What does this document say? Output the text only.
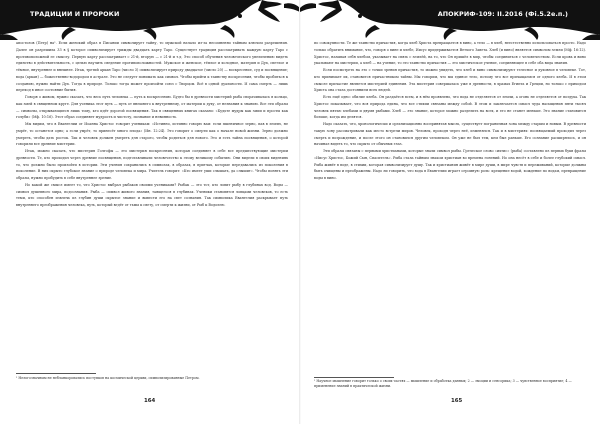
ТРАДИЦИИ И ПРОРОКИ

апостолов (Петр) на¹. Если женский образ в Писании символирует тайну, то мужской начало из-за несомненно тайным ключом разрешения. Далее он разрешила 33 в § которое символизирует трижды двадцать карту Таро. Существует традиция рассматривать каждую карту Таро с противоположной ее смыслу. Первую карту рассматривает с 21-й, вторую — с 21-й и т.д. Это способ обучения человеческого увеличению видеть единство в действительность, с целью научить сведение противоположностей. Мужское и женское, тёплое и холодное, материя и Дух, светлое и тёмное, внутреннее и внешнее. Итак, третий аркан Таро (число 3) символизирует природу двадцатое (число 20) — воскресение, суд и посвящение; вода (аркан) — божественно-водородом в астрале. Это не следует понимать как символ. Чтобы прийти к таинству воскресения, чтобы пробиться к созданию, нужно найти Дух. Тогда в природе. Только тогда может произойти союз с Творцом. Всё в одной дуальности. И сама смерть — лишь переход в иное состояние бытия.

Говоря о живом, нужно сказать, что весь путь человека — путь к воскресению. Будто бы в древности мистерий рыба сворачивалась в кольцо, как змей в священном круге. Для ученика этот путь — путь от внешнего к внутреннему, от материи к духу, от незнания к знанию. Все эти образы — символы, открывающиеся лишь тому, кто идёт дорогой посвящения. Так в священных книгах сказано: «Будьте мудры как змии и просты как голуби» (Мф. 10:16). Этот образ соединяет мудрость и чистоту, познание и невинность.

Мы видим, что в Евангелии от Иоанна Христос говорит ученикам: «Истинно, истинно говорю вам: если пшеничное зерно, пав в землю, не умрёт, то останется одно; а если умрёт, то принесёт много плода» (Ин. 12:24). Это говорит о смерти как о начале новой жизни. Зерно должно умереть, чтобы дать росток. Так и человек должен умереть для старого, чтобы родиться для нового. Это и есть тайна посвящения, о которой говорили все древние мистерии.

Итак, можно сказать, что мистерия Голгофы — это мистерия воскресения, которая соединяет в себе все предшествующие мистерии древности. Те, кто проходил через древние посвящения, подготавливали человечество к этому великому событию. Они видели в своих видениях то, что должно было произойти в истории. Эти учения сохранились в символах, в образах, в притчах, которые передавались из поколения в поколение. В них скрыто глубокое знание о природе человека и мира. Учитель говорит: «Кто имеет уши слышать, да слышит». Чтобы понять эти образы, нужно пробудить в себе внутреннее зрение.

Но какой же смысл имеет то, что Христос выбрал рыбаков своими учениками? Рыбак — это тот, кто ловит рыбу в глубинах вод. Воды — символ душевного мира, подсознания. Рыба — символ живого знания, таящегося в глубинах. Ученики становятся ловцами человеков, то есть теми, кто способен извлечь из глубин души скрытое знание и вывести его на свет сознания. Так символика Евангелия раскрывает путь внутреннего преображения человека, путь, который ведёт от тьмы к свету, от смерти к жизни, от Рыб к Водолею.

¹ Нелогозначным не небланкоровались поступков на космической церкви, символизированные Петром.
164
АПОКРИФ-109: II.2016 (Фі.5.2е.п.)

по совокупности. Те же таинство причастия, когда хлеб Христа превращается в вино, а тело — в хлеб, неестественно использоваться просто. Надо только обратить внимание, что, говоря о вине и хлебе, Иисус придерживается Ветхого Завета. Хлеб (и вино) является символом земли (Мф. 16:12). Христос, называя себя хлебом, указывает на связь с землёй, на то, что Он пришёл в мир, чтобы соединиться с человечеством. Если кровь и вино указывают на мистерии, а хлеб — на учение, то это таинство причастия — это мистическое учение, соединяющее в себе оба вида знания.

Если посмотреть на это с точки зрения причастия, то можно увидеть, что хлеб и вино символизируют телесное и духовное в человеке. Тот, кто принимает их, становится причастником тайны. Мы говорим, что мы единое тело, потому что все причащаемся от одного хлеба. И в этом смысле причастие является мистерией единения. Эта мистерия совершалась уже в древности, в храмах Египта и Греции, но только с приходом Христа она стала достоянием всех людей.

Есть ещё одно: обилие хлеба. Он раздаётся всем, и в нём проявлено, что вода не отделяется от земли, а огонь не отделяется от воздуха. Так Христос показывает, что вся природа едина, что все стихии связаны между собой. В этом и заключается смысл чуда насыщения пяти тысяч человек пятью хлебами и двумя рыбами. Хлеб — это знание, которое можно разделить на всех, и его не станет меньше. Это знание становится больше, когда им делятся.

Надо сказать, что, хронологически и организационно воспринятая мысль, существует пограничная зона между старым и новым. В древности такую зону рассматривали как место встречи миров. Человек, проходя через неё, изменялся. Так и в мистериях: посвящаемый проходил через смерть и возрождение, и после этого он становился другим человеком. Он уже не был тем, кем был раньше. Его сознание расширялось, и он начинал видеть то, что скрыто от обычных глаз.

Эти образы связаны с первыми христианами, которые знали символ рыбы. Греческое слово «ихтис» (рыба) составлено из первых букв фразы «Иисус Христос, Божий Сын, Спаситель». Рыба стала тайным знаком христиан во времена гонений. Но она несёт в себе и более глубокий смысл. Рыба живёт в воде, в стихии, которая символизирует душу. Так и христианин живёт в мире души, в мире чувств и переживаний, которые должны быть очищены и преображены. Надо ли говорить, что вода в Евангелии играет огромную роль: крещение водой, хождение по водам, превращение воды в вино.

¹ Научное мышление говорит только о своих частях — мышление и обработка данных; 2 — эмоции и сенсорика; 3 — чувственное восприятие; 4 — применение знаний в практической жизни.
165
